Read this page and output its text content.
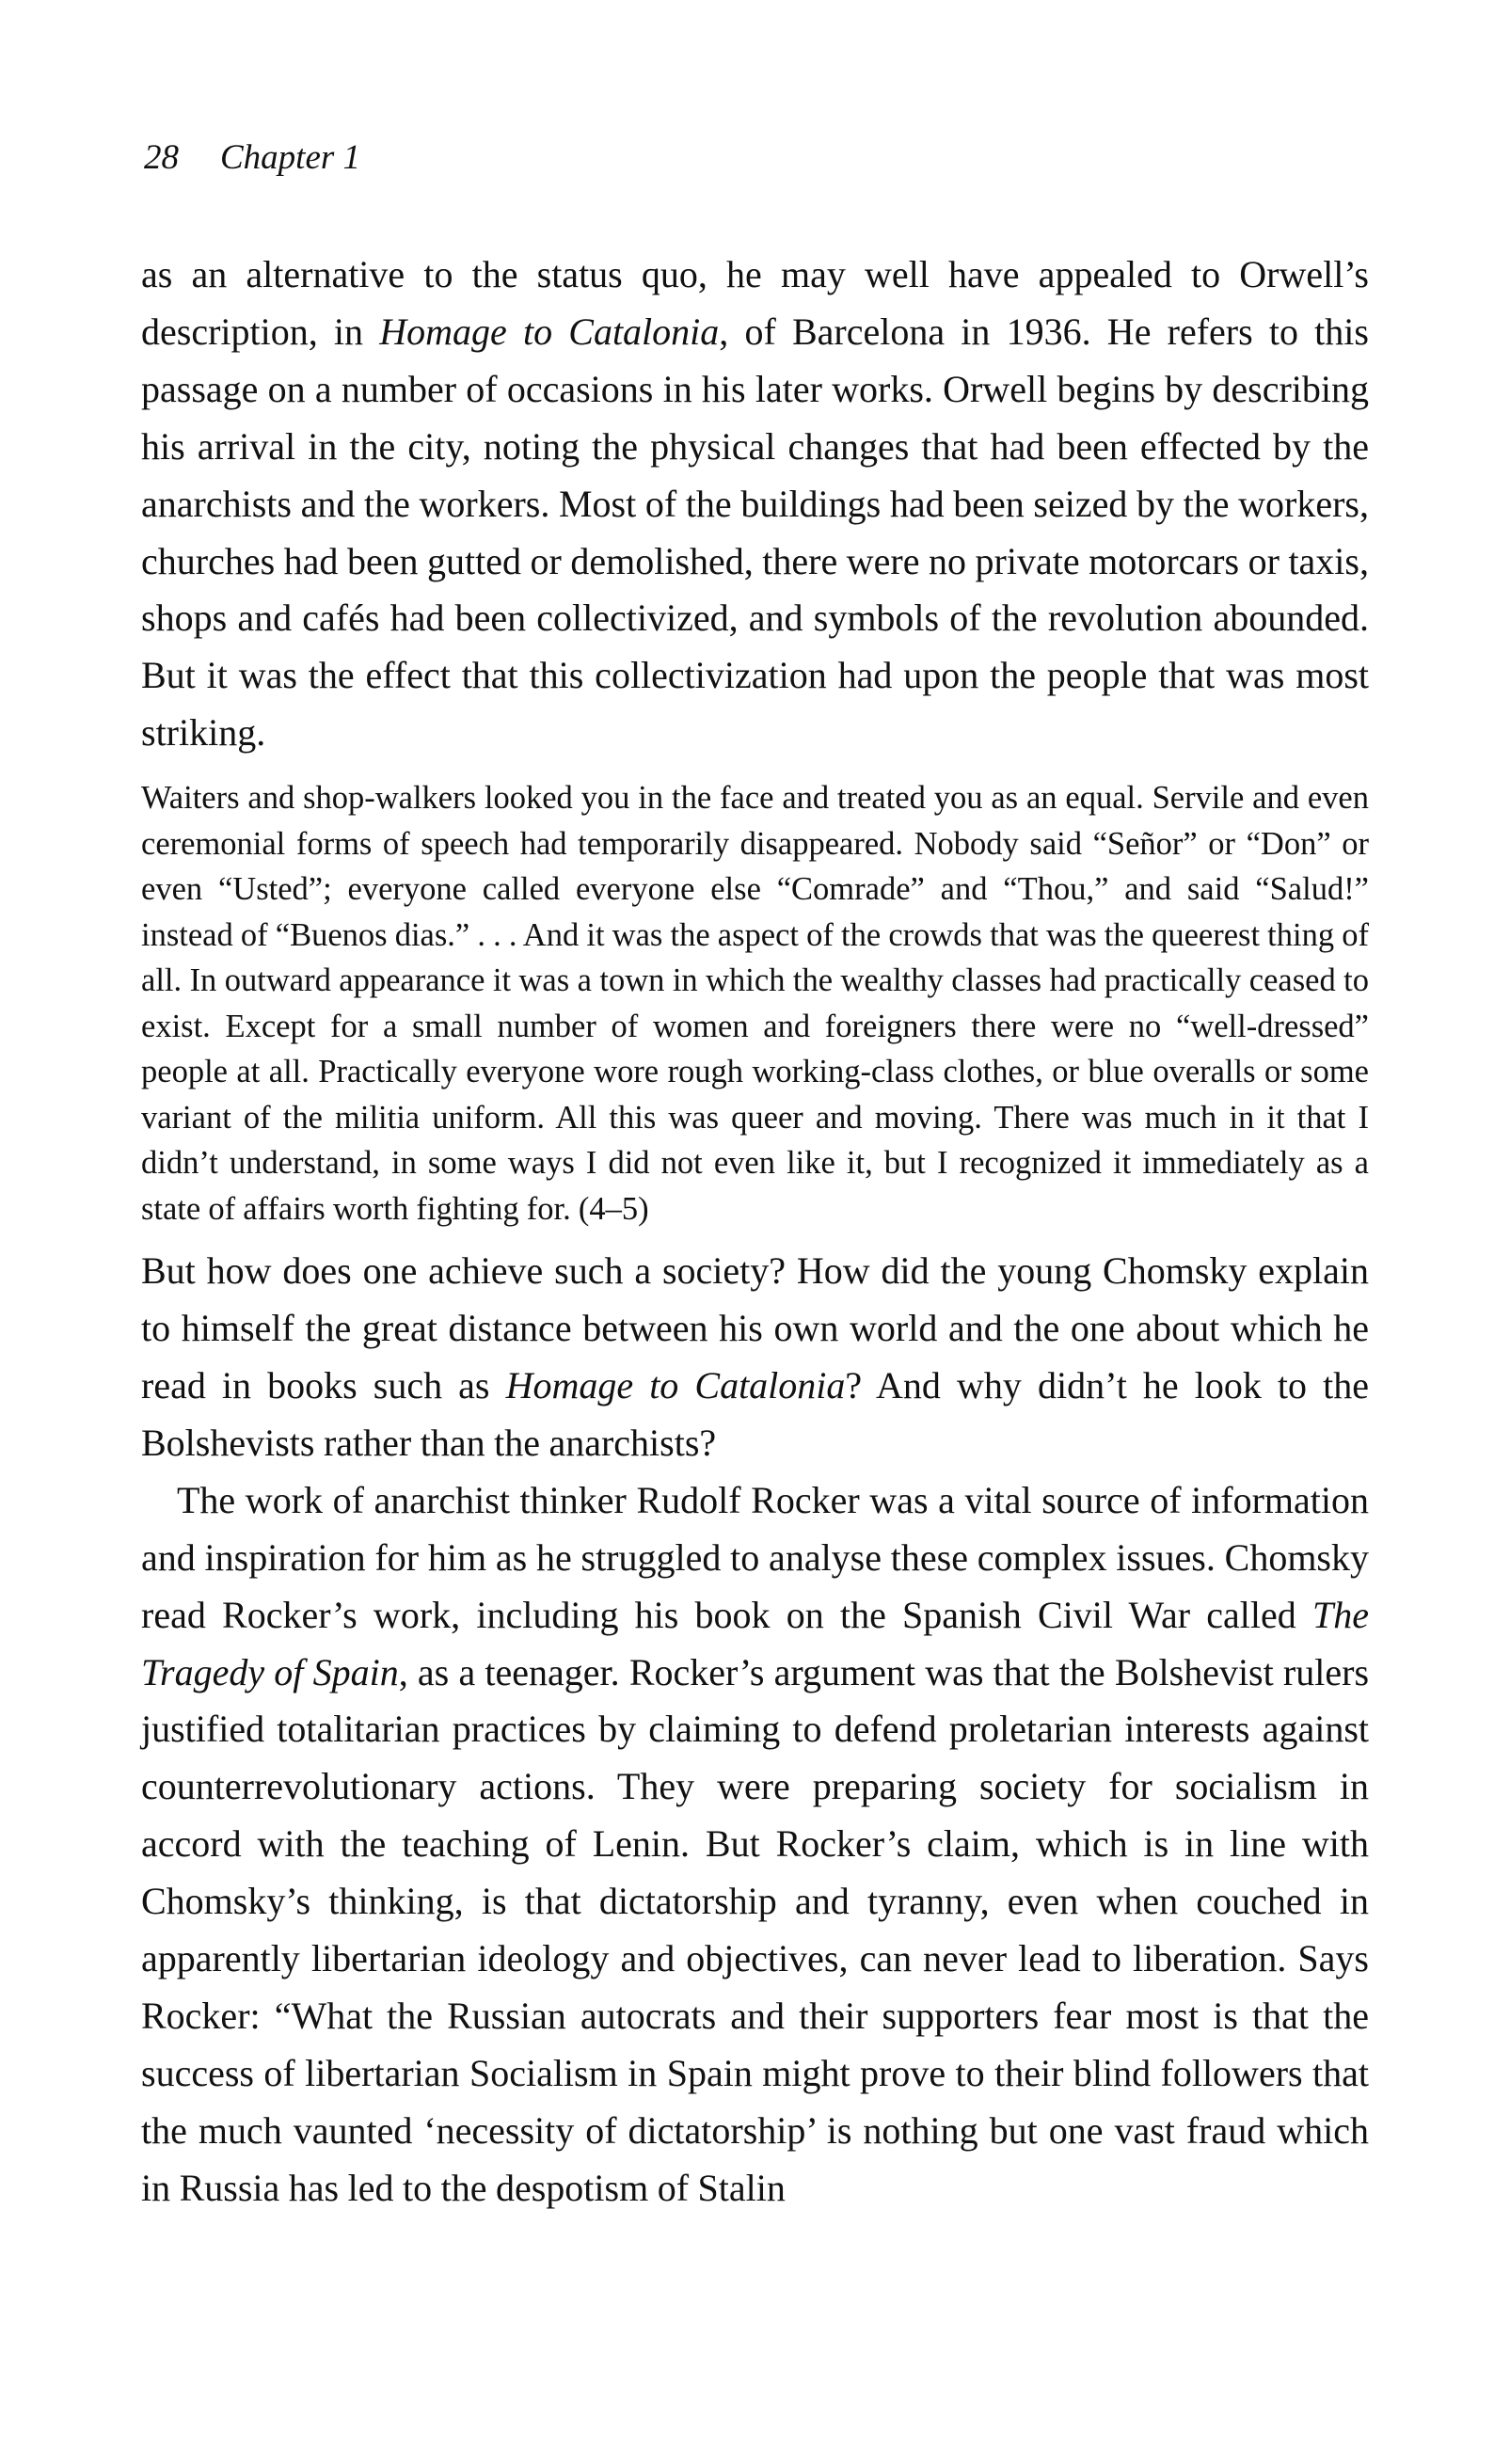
28 Chapter 1

as an alternative to the status quo, he may well have appealed to Orwell’s description, in Homage to Catalonia, of Barcelona in 1936. He refers to this passage on a number of occasions in his later works. Orwell begins by describing his arrival in the city, noting the physical changes that had been effected by the anarchists and the workers. Most of the buildings had been seized by the workers, churches had been gutted or demolished, there were no private motorcars or taxis, shops and cafés had been collectivized, and symbols of the revolution abounded. But it was the effect that this collectivization had upon the people that was most striking.

Waiters and shop-walkers looked you in the face and treated you as an equal. Servile and even ceremonial forms of speech had temporarily disappeared. Nobody said “Señor” or “Don” or even “Usted”; everyone called everyone else “Comrade” and “Thou,” and said “Salud!” instead of “Buenos dias.” . . . And it was the aspect of the crowds that was the queerest thing of all. In outward appearance it was a town in which the wealthy classes had practically ceased to exist. Except for a small number of women and foreigners there were no “well-dressed” people at all. Practically everyone wore rough working-class clothes, or blue overalls or some variant of the militia uniform. All this was queer and moving. There was much in it that I didn’t understand, in some ways I did not even like it, but I recognized it immediately as a state of affairs worth fighting for. (4–5)

But how does one achieve such a society? How did the young Chomsky explain to himself the great distance between his own world and the one about which he read in books such as Homage to Catalonia? And why didn’t he look to the Bolshevists rather than the anarchists?

The work of anarchist thinker Rudolf Rocker was a vital source of information and inspiration for him as he struggled to analyse these complex issues. Chomsky read Rocker’s work, including his book on the Spanish Civil War called The Tragedy of Spain, as a teenager. Rocker’s argument was that the Bolshevist rulers justified totalitarian practices by claiming to defend proletarian interests against counterrevolutionary actions. They were preparing society for socialism in accord with the teaching of Lenin. But Rocker’s claim, which is in line with Chomsky’s thinking, is that dictatorship and tyranny, even when couched in apparently libertarian ideology and objectives, can never lead to liberation. Says Rocker: “What the Russian autocrats and their supporters fear most is that the success of libertarian Socialism in Spain might prove to their blind followers that the much vaunted ‘necessity of dictatorship’ is nothing but one vast fraud which in Russia has led to the despotism of Stalin
